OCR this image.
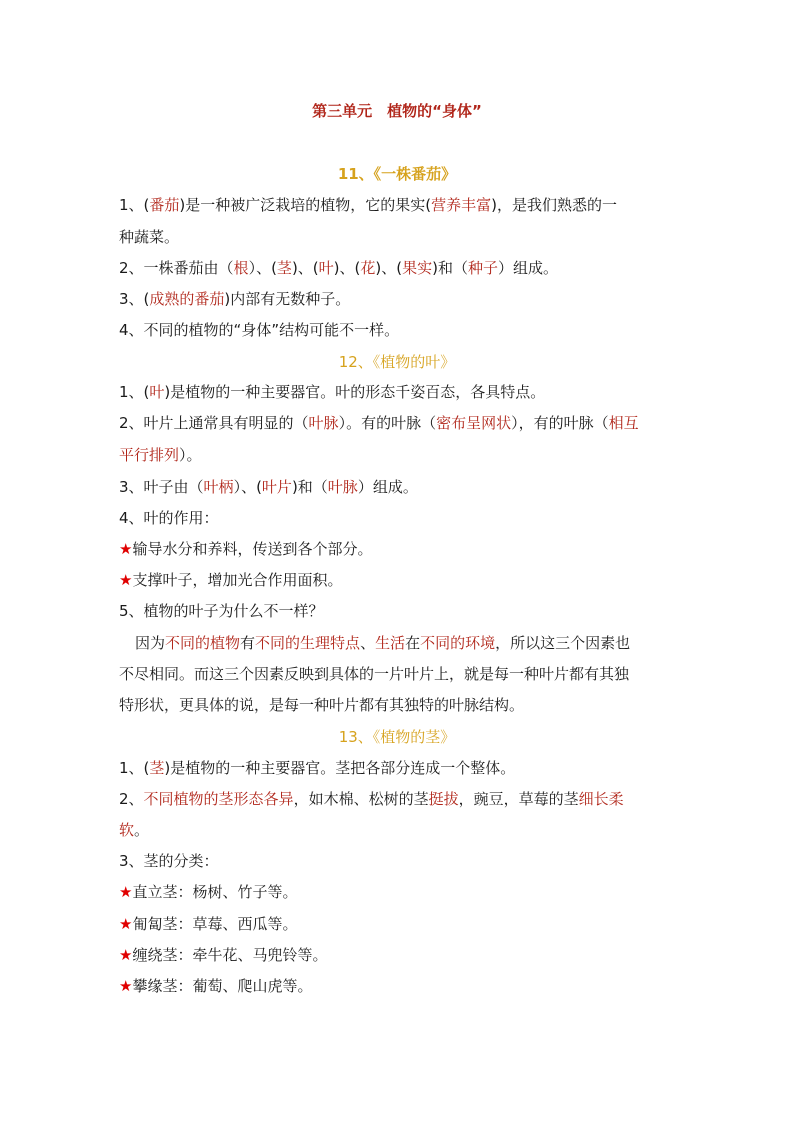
第三单元　植物的“身体”
11、《一株番茄》
1、(番茄)是一种被广泛栽培的植物，它的果实(营养丰富)，是我们熟悉的一
种蔬菜。
2、一株番茄由（根）、(茎)、(叶)、(花)、(果实)和（种子）组成。
3、(成熟的番茄)内部有无数种子。
4、不同的植物的“身体”结构可能不一样。
12、《植物的叶》
1、(叶)是植物的一种主要器官。叶的形态千姿百态，各具特点。
2、叶片上通常具有明显的（叶脉）。有的叶脉（密布呈网状），有的叶脉（相互
平行排列）。
3、叶子由（叶柄）、(叶片)和（叶脉）组成。
4、叶的作用：
★输导水分和养料，传送到各个部分。
★支撑叶子，增加光合作用面积。
5、植物的叶子为什么不一样？
因为不同的植物有不同的生理特点、生活在不同的环境，所以这三个因素也
不尽相同。而这三个因素反映到具体的一片叶片上，就是每一种叶片都有其独
特形状，更具体的说，是每一种叶片都有其独特的叶脉结构。
13、《植物的茎》
1、(茎)是植物的一种主要器官。茎把各部分连成一个整体。
2、不同植物的茎形态各异，如木棉、松树的茎挺拔，豌豆，草莓的茎细长柔
软。
3、茎的分类：
★直立茎：杨树、竹子等。
★匍匐茎：草莓、西瓜等。
★缠绕茎：牵牛花、马兜铃等。
★攀缘茎：葡萄、爬山虎等。
